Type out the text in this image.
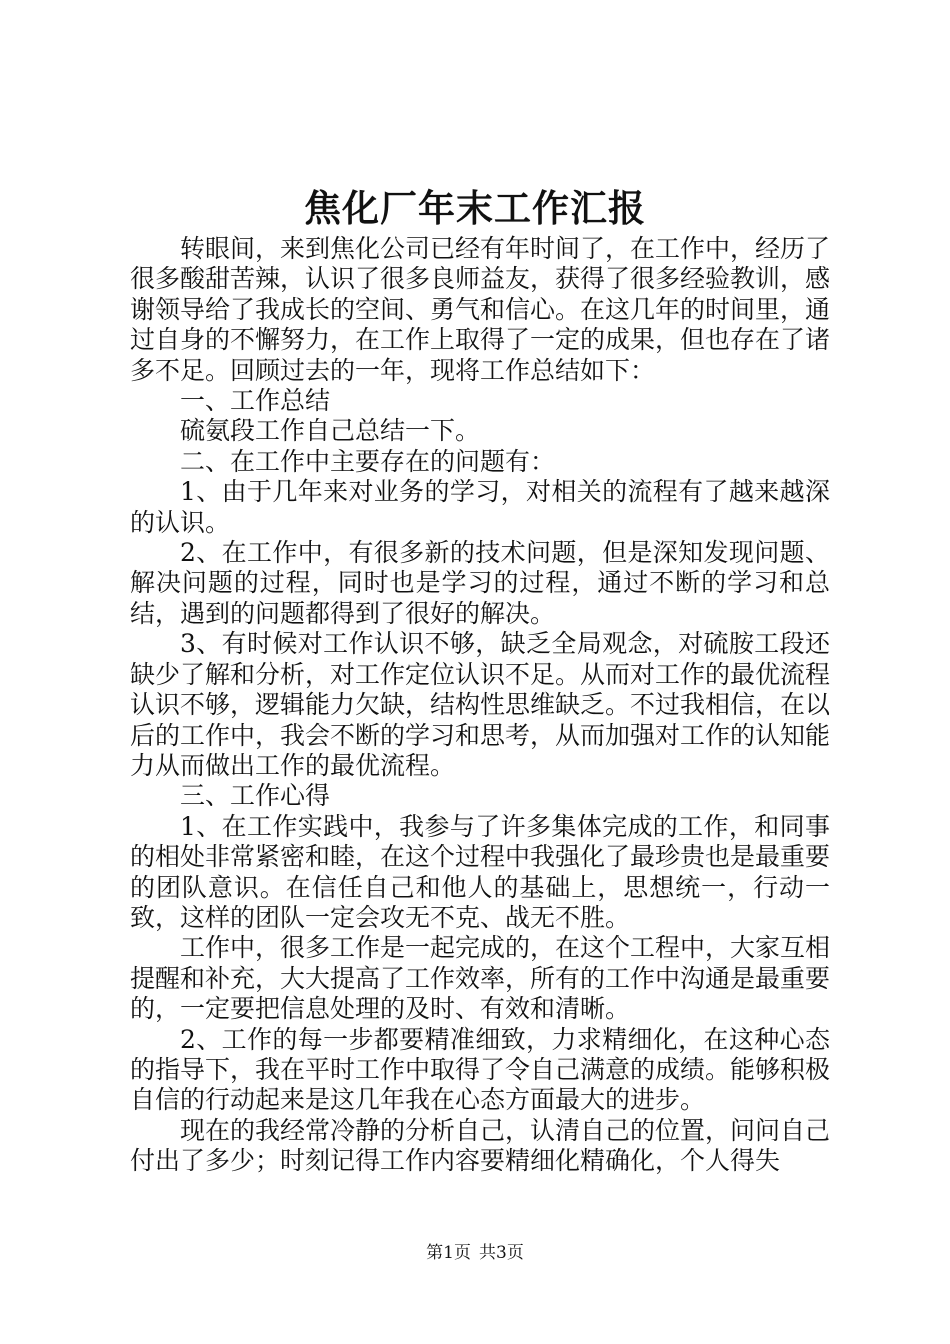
焦化厂年末工作汇报

转眼间，来到焦化公司已经有年时间了，在工作中，经历了很多酸甜苦辣，认识了很多良师益友，获得了很多经验教训，感谢领导给了我成长的空间、勇气和信心。在这几年的时间里，通过自身的不懈努力，在工作上取得了一定的成果，但也存在了诸多不足。回顾过去的一年，现将工作总结如下：

一、工作总结

硫氨段工作自己总结一下。

二、在工作中主要存在的问题有：

1、由于几年来对业务的学习，对相关的流程有了越来越深的认识。

2、在工作中，有很多新的技术问题，但是深知发现问题、解决问题的过程，同时也是学习的过程，通过不断的学习和总结，遇到的问题都得到了很好的解决。

3、有时候对工作认识不够，缺乏全局观念，对硫胺工段还缺少了解和分析，对工作定位认识不足。从而对工作的最优流程认识不够，逻辑能力欠缺，结构性思维缺乏。不过我相信，在以后的工作中，我会不断的学习和思考，从而加强对工作的认知能力从而做出工作的最优流程。

三、工作心得

1、在工作实践中，我参与了许多集体完成的工作，和同事的相处非常紧密和睦，在这个过程中我强化了最珍贵也是最重要的团队意识。在信任自己和他人的基础上，思想统一，行动一致，这样的团队一定会攻无不克、战无不胜。

工作中，很多工作是一起完成的，在这个工程中，大家互相提醒和补充，大大提高了工作效率，所有的工作中沟通是最重要的，一定要把信息处理的及时、有效和清晰。

2、工作的每一步都要精准细致，力求精细化，在这种心态的指导下，我在平时工作中取得了令自己满意的成绩。能够积极自信的行动起来是这几年我在心态方面最大的进步。

现在的我经常冷静的分析自己，认清自己的位置，问问自己付出了多少；时刻记得工作内容要精细化精确化，个人得失

第1页 共3页
